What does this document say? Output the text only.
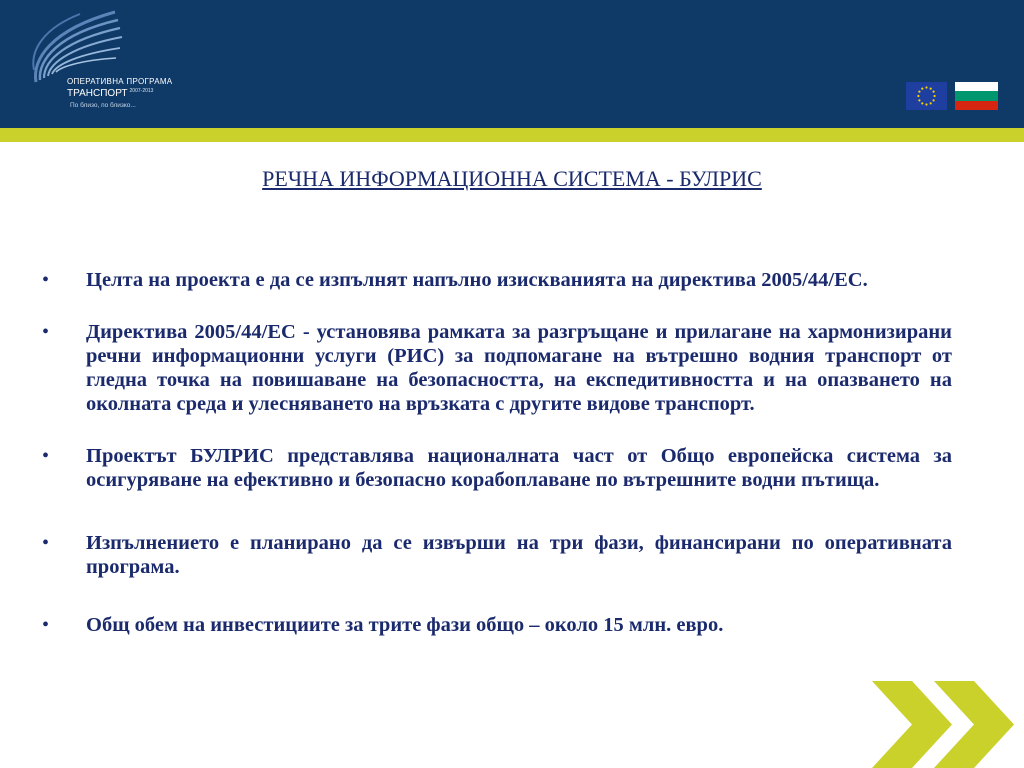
ОПЕРАТИВНА ПРОГРАМА
ТРАНСПОРТ $^{2007-2013}$
По близо, по близко...
РЕЧНА ИНФОРМАЦИОННА СИСТЕМА - БУЛРИС
• Целта на проекта е да се изпълнят напълно изискванията на директива 2005/44/ЕС.
• Директива 2005/44/ЕС - установява рамката за разгръщане и прилагане на хармонизирани речни информационни услуги (РИС) за подпомагане на вътрешно водния транспорт от гледна точка на повишаване на безопасността, на експедитивността и на опазването на околната среда и улесняването на връзката с другите видове транспорт.
• Проектът БУЛРИС представлява националната част от Общо европейска система за осигуряване на ефективно и безопасно корабоплаване по вътрешните водни пътища.
• Изпълнението е планирано да се извърши на три фази, финансирани по оперативната програма.
• Общ обем на инвестициите за трите фази общо – около 15 млн. евро.
